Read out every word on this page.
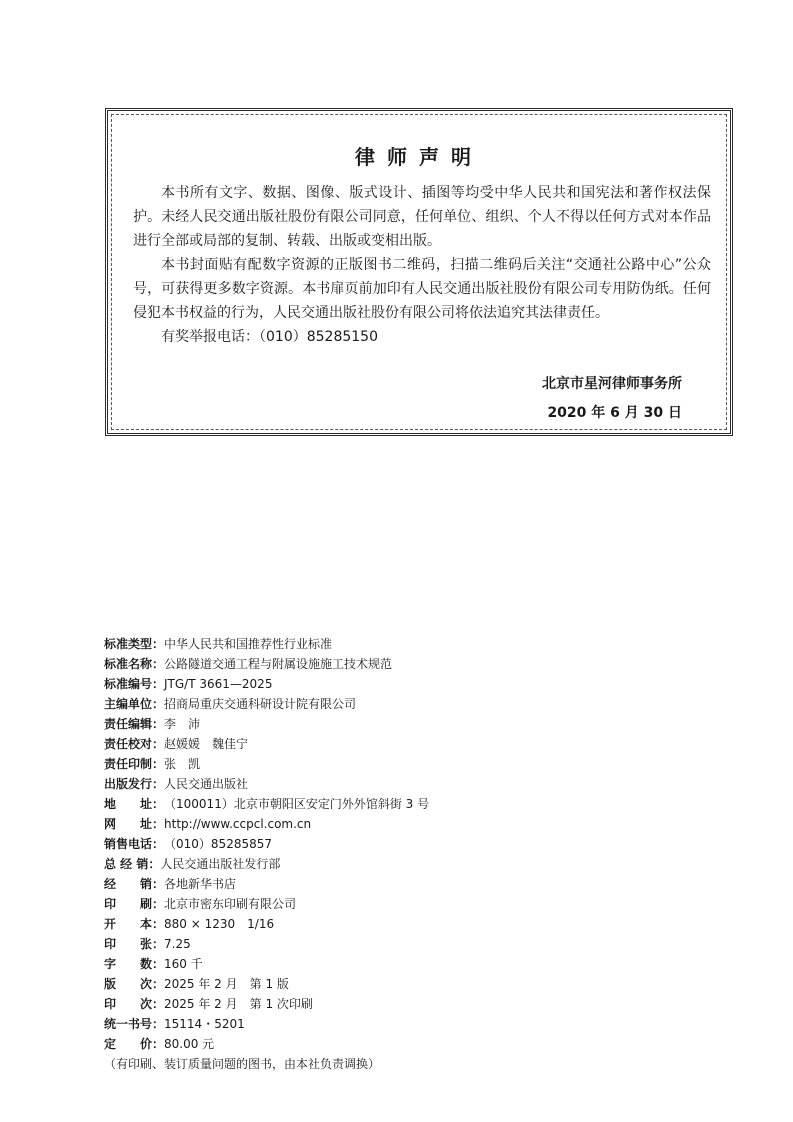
律师声明

本书所有文字、数据、图像、版式设计、插图等均受中华人民共和国宪法和著作权法保护。未经人民交通出版社股份有限公司同意，任何单位、组织、个人不得以任何方式对本作品进行全部或局部的复制、转载、出版或变相出版。

本书封面贴有配数字资源的正版图书二维码，扫描二维码后关注“交通社公路中心”公众号，可获得更多数字资源。本书扉页前加印有人民交通出版社股份有限公司专用防伪纸。任何侵犯本书权益的行为，人民交通出版社股份有限公司将依法追究其法律责任。

有奖举报电话：（010）85285150

北京市星河律师事务所
2020 年 6 月 30 日
标准类型：中华人民共和国推荐性行业标准
标准名称：公路隧道交通工程与附属设施施工技术规范
标准编号：JTG/T 3661—2025
主编单位：招商局重庆交通科研设计院有限公司
责任编辑：李　沛
责任校对：赵媛媛　魏佳宁
责任印制：张　凯
出版发行：人民交通出版社
地　　址：（100011）北京市朝阳区安定门外外馆斜街 3 号
网　　址：http://www.ccpcl.com.cn
销售电话：（010）85285857
总 经 销：人民交通出版社发行部
经　　销：各地新华书店
印　　刷：北京市密东印刷有限公司
开　　本：880 × 1230　1/16
印　　张：7.25
字　　数：160 千
版　　次：2025 年 2 月　第 1 版
印　　次：2025 年 2 月　第 1 次印刷
统一书号：15114・5201
定　　价：80.00 元
（有印刷、装订质量问题的图书，由本社负责调换）
